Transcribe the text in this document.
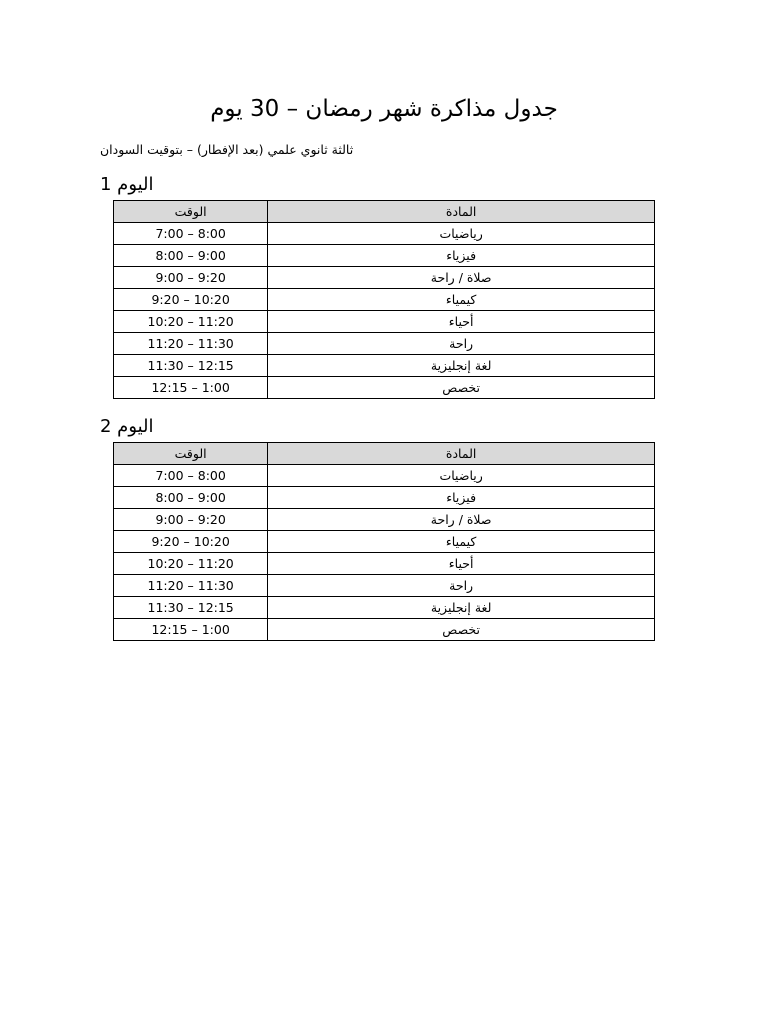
جدول مذاكرة شهر رمضان – 30 يوم

ثالثة ثانوي علمي (بعد الإفطار) – بتوقيت السودان

اليوم 1
الوقت	المادة
7:00 – 8:00	رياضيات
8:00 – 9:00	فيزياء
9:00 – 9:20	صلاة / راحة
9:20 – 10:20	كيمياء
10:20 – 11:20	أحياء
11:20 – 11:30	راحة
11:30 – 12:15	لغة إنجليزية
12:15 – 1:00	تخصص
اليوم 2
الوقت	المادة
7:00 – 8:00	رياضيات
8:00 – 9:00	فيزياء
9:00 – 9:20	صلاة / راحة
9:20 – 10:20	كيمياء
10:20 – 11:20	أحياء
11:20 – 11:30	راحة
11:30 – 12:15	لغة إنجليزية
12:15 – 1:00	تخصص
